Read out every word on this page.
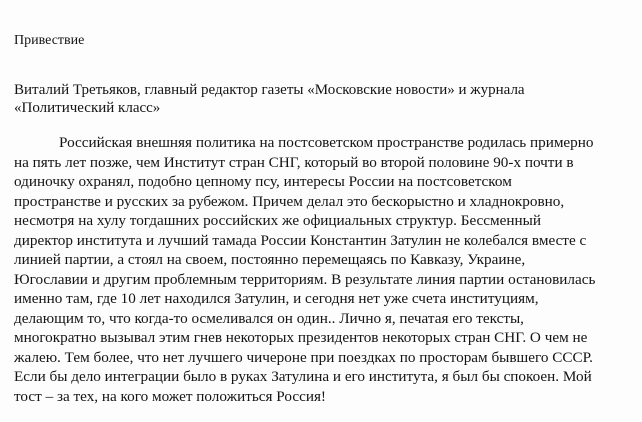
Привествие
Виталий Третьяков, главный редактор газеты «Московские новости» и журнала
«Политический класс»
Российская внешняя политика на постсоветском пространстве родилась примерно
на пять лет позже, чем Институт стран СНГ, который во второй половине 90-х почти в
одиночку охранял, подобно цепному псу, интересы России на постсоветском
пространстве и русских за рубежом. Причем делал это бескорыстно и хладнокровно,
несмотря на хулу тогдашних российских же официальных структур. Бессменный
директор института и лучший тамада России Константин Затулин не колебался вместе с
линией партии, а стоял на своем, постоянно перемещаясь по Кавказу, Украине,
Югославии и другим проблемным территориям. В результате линия партии остановилась
именно там, где 10 лет находился Затулин, и сегодня нет уже счета институциям,
делающим то, что когда-то осмеливался он один.. Лично я, печатая его тексты,
многократно вызывал этим гнев некоторых президентов некоторых стран СНГ. О чем не
жалею. Тем более, что нет лучшего чичероне при поездках по просторам бывшего СССР.
Если бы дело интеграции было в руках Затулина и его института, я был бы спокоен. Мой
тост – за тех, на кого может положиться Россия!
